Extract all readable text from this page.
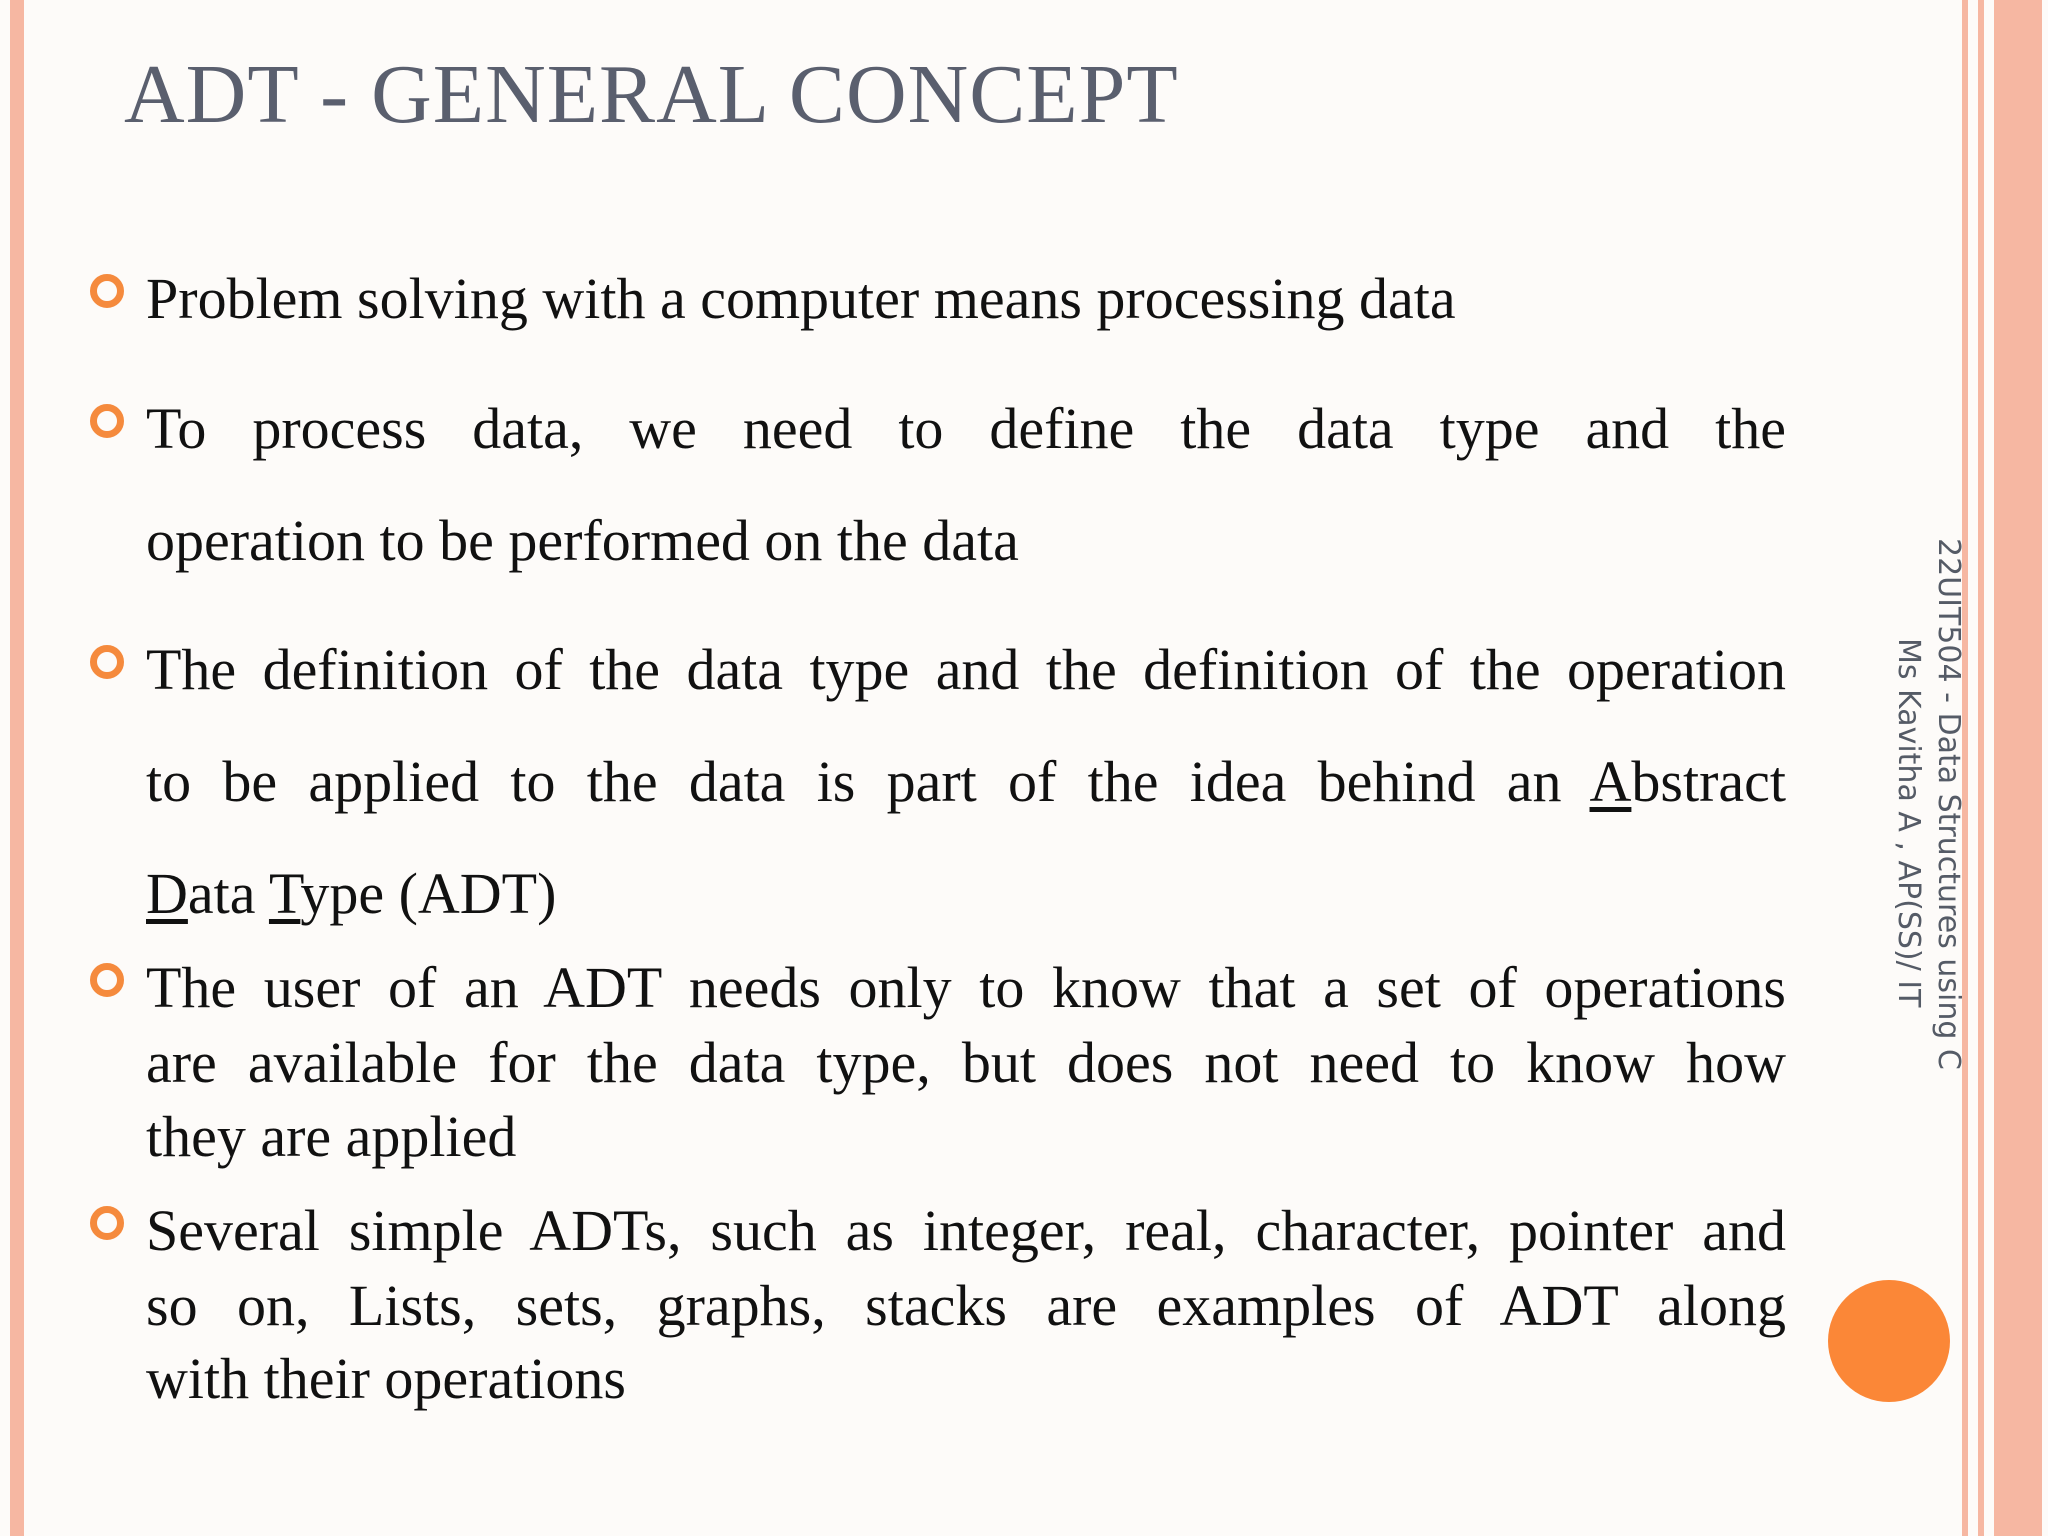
ADT - GENERAL CONCEPT
Problem solving with a computer means processing data
To process data, we need to define the data type and the
operation to be performed on the data
The definition of the data type and the definition of the operation
to be applied to the data is part of the idea behind an Abstract
Data Type (ADT)
The user of an ADT needs only to know that a set of operations
are available for the data type, but does not need to know how
they are applied
Several simple ADTs, such as integer, real, character, pointer and
so on, Lists, sets, graphs, stacks are examples of ADT along
with their operations
22UIT504 - Data Structures using C
Ms Kavitha A , AP(SS)/ IT
